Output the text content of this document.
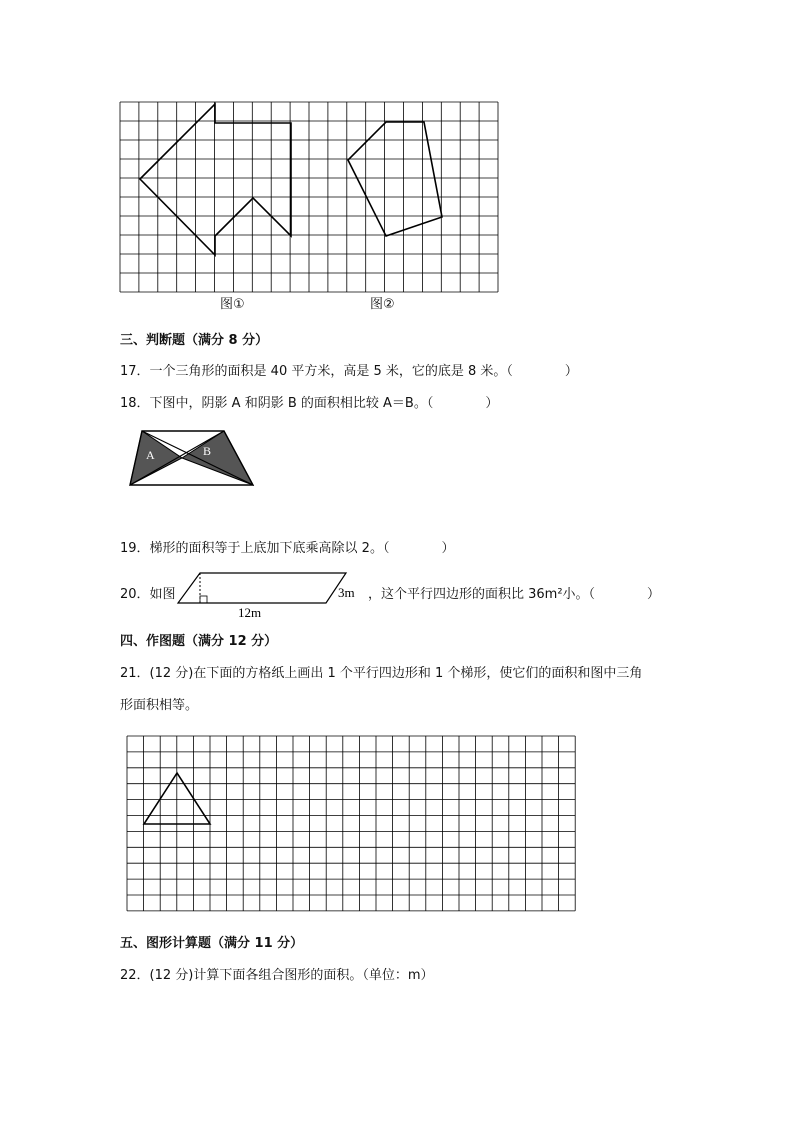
图①	图②
三、判断题（满分 8 分）
17．一个三角形的面积是 40 平方米，高是 5 米，它的底是 8 米。（　　　　）
18．下图中，阴影 A 和阴影 B 的面积相比较 A＝B。（　　　　）
A	B
19．梯形的面积等于上底加下底乘高除以 2。（　　　　）
20．如图
12m
3m ，这个平行四边形的面积比 36m²小。（　　　　）
四、作图题（满分 12 分）
21．(12 分)在下面的方格纸上画出 1 个平行四边形和 1 个梯形，使它们的面积和图中三角
形面积相等。
五、图形计算题（满分 11 分）
22．(12 分)计算下面各组合图形的面积。（单位：m）
